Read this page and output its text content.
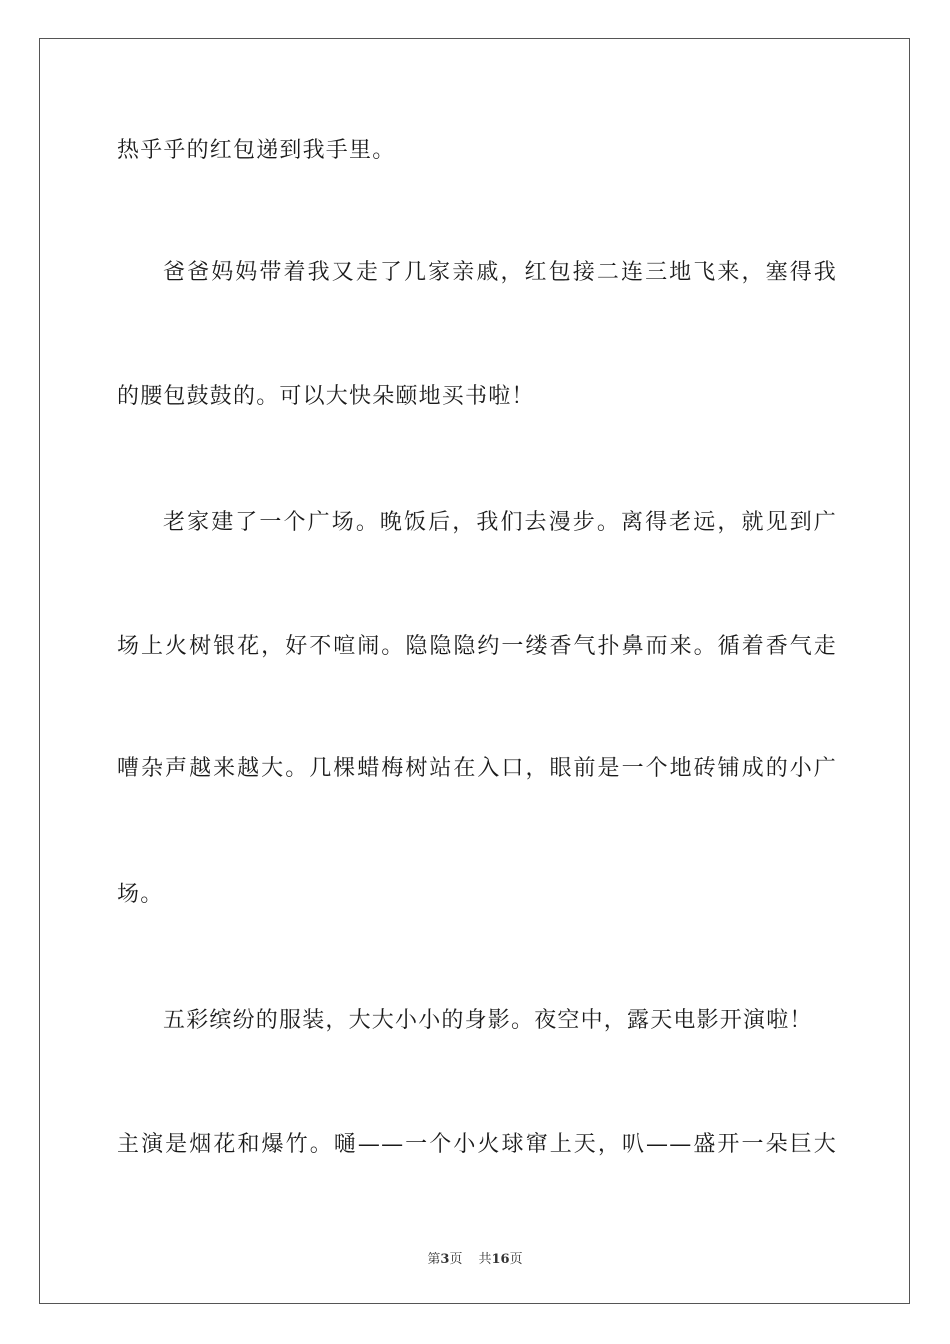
热乎乎的红包递到我手里。
爸爸妈妈带着我又走了几家亲戚，红包接二连三地飞来，塞得我
的腰包鼓鼓的。可以大快朵颐地买书啦！
老家建了一个广场。晚饭后，我们去漫步。离得老远，就见到广
场上火树银花，好不喧闹。隐隐隐约一缕香气扑鼻而来。循着香气走
嘈杂声越来越大。几棵蜡梅树站在入口，眼前是一个地砖铺成的小广
场。
五彩缤纷的服装，大大小小的身影。夜空中，露天电影开演啦！
主演是烟花和爆竹。嗵——一个小火球窜上天，叭——盛开一朵巨大
第3页 共16页
